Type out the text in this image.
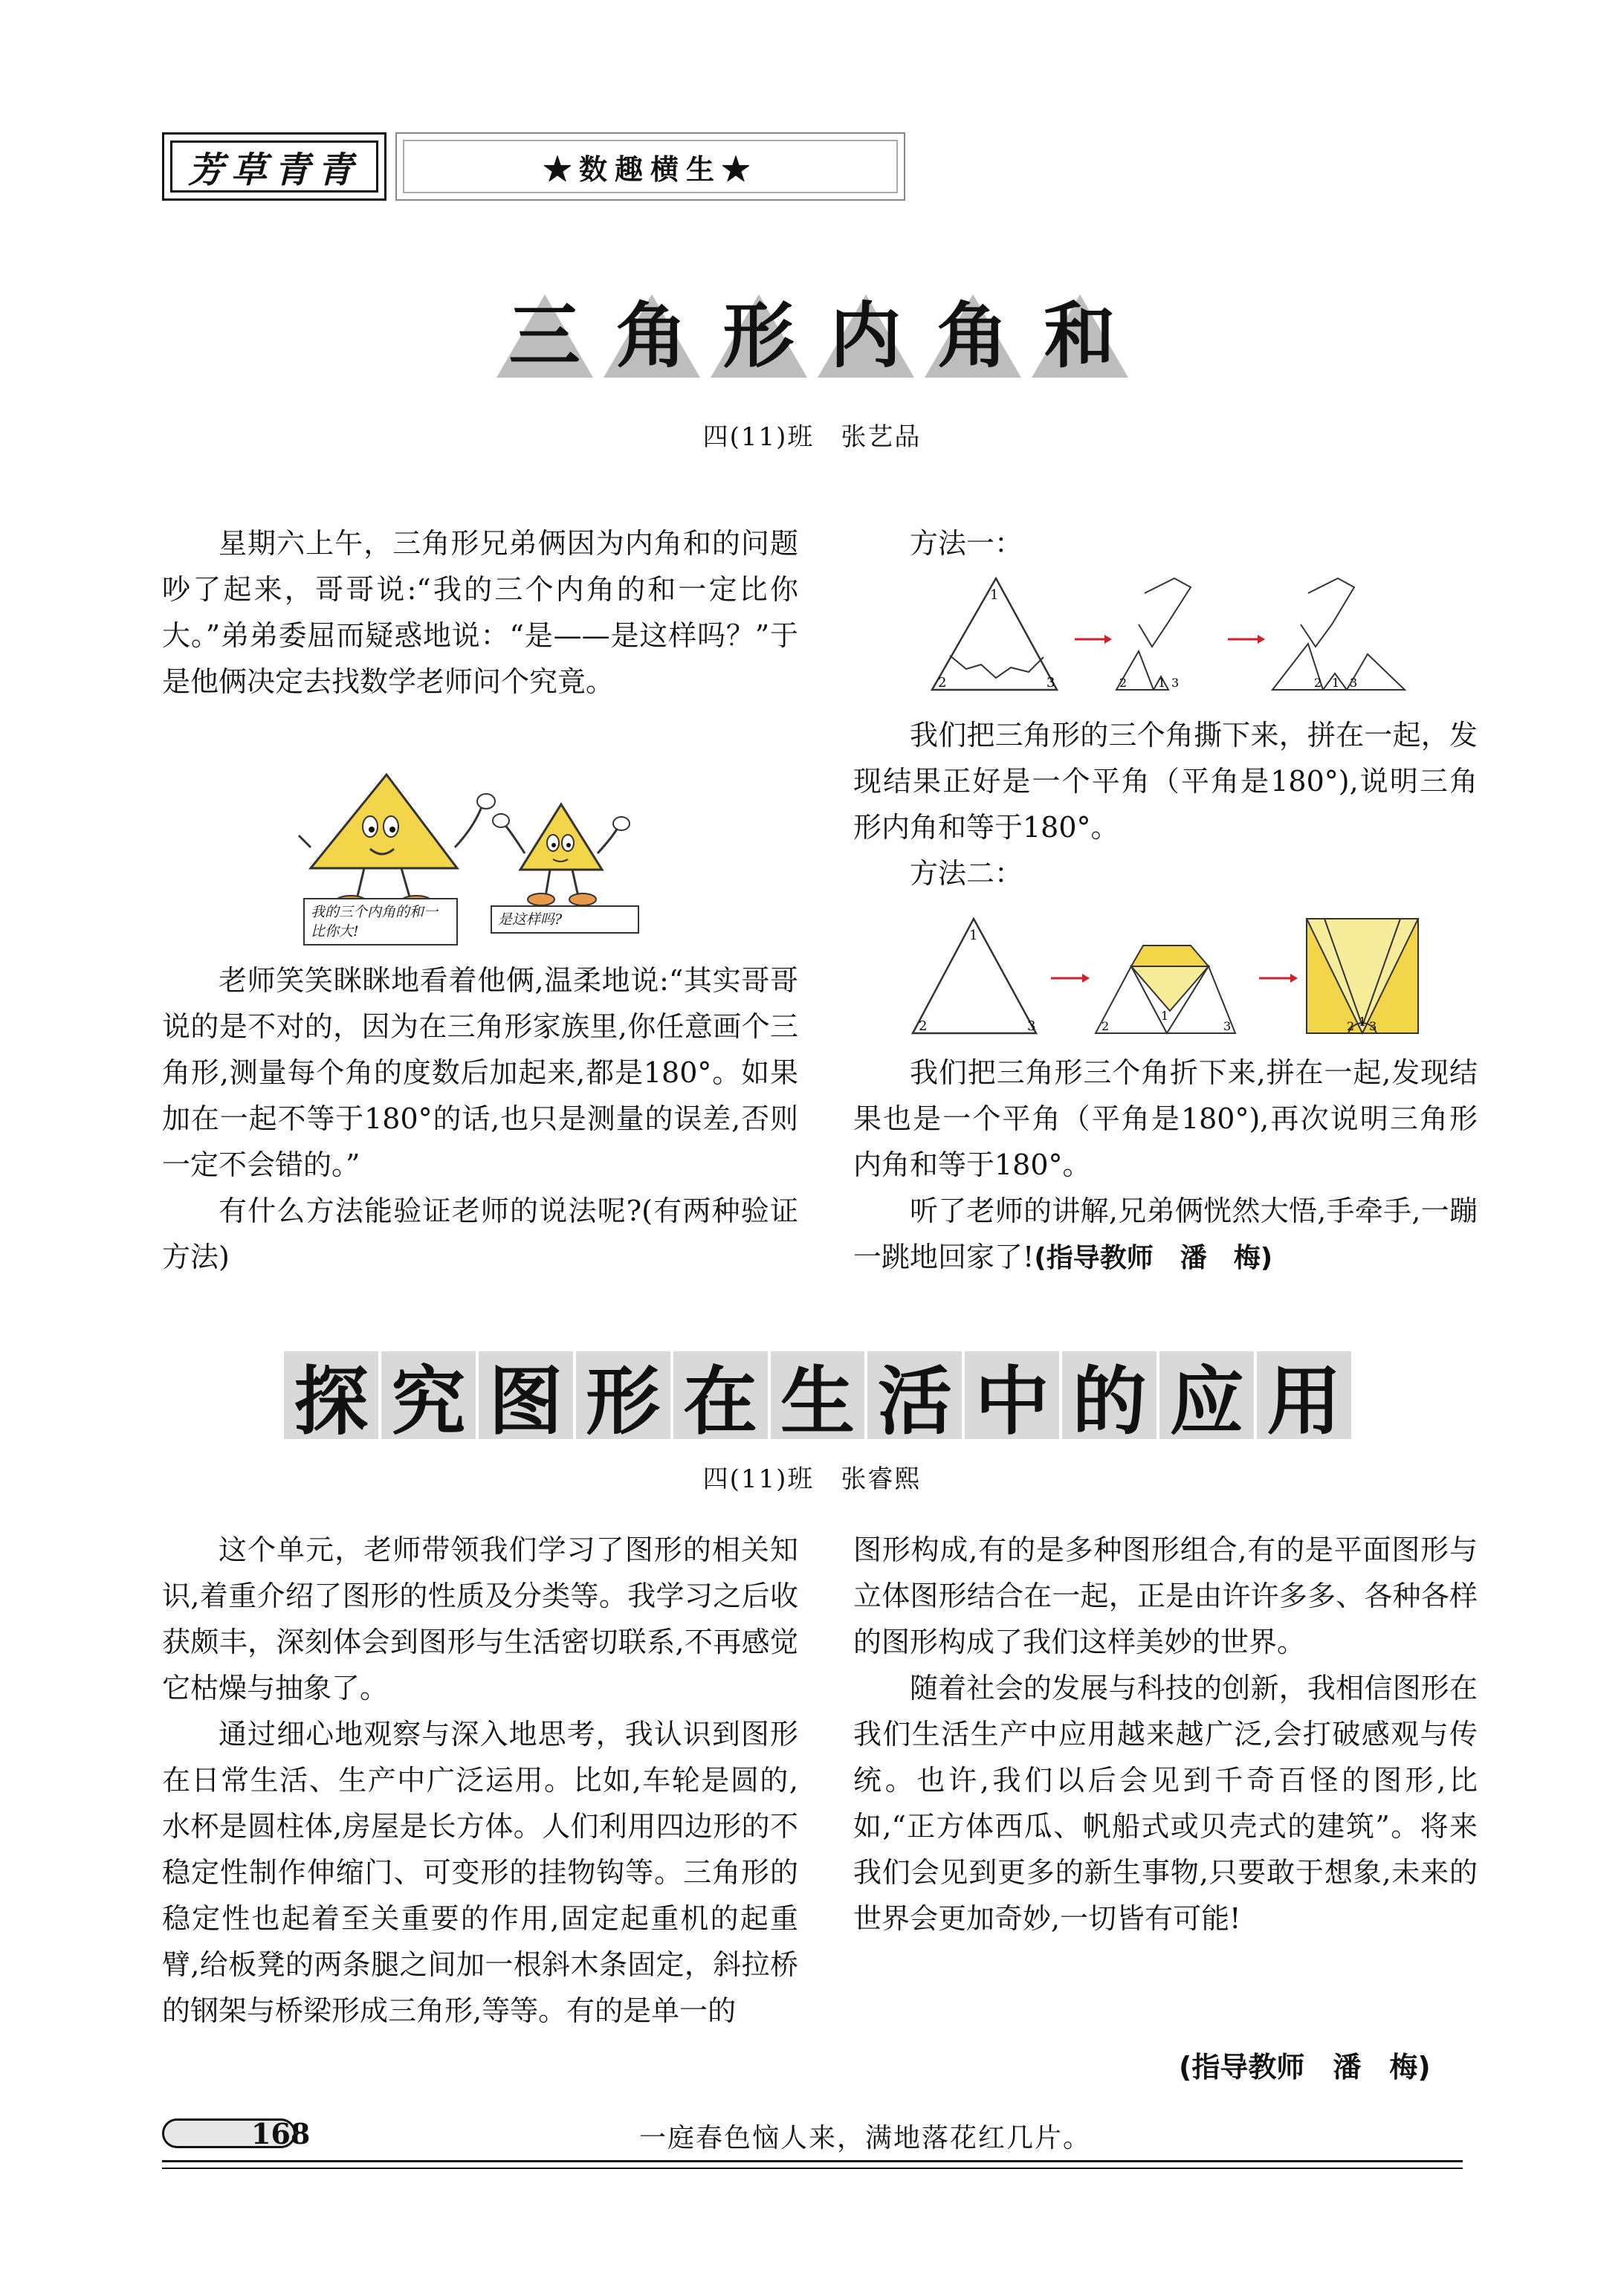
芳草青青	★数趣横生★
三 角 形 内 角 和
四(11)班　张艺品

星期六上午，三角形兄弟俩因为内角和的问题吵了起来，哥哥说:“我的三个内角的和一定比你大。”弟弟委屈而疑惑地说：“是——是这样吗？”于是他俩决定去找数学老师问个究竟。

我的三个内角的和一比你大!
是这样吗?

老师笑笑眯眯地看着他俩,温柔地说:“其实哥哥说的是不对的，因为在三角形家族里,你任意画个三角形,测量每个角的度数后加起来,都是180°。如果加在一起不等于180°的话,也只是测量的误差,否则一定不会错的。”

有什么方法能验证老师的说法呢?(有两种验证方法)

方法一：

1
2	3	2	1 3	2 1 3

我们把三角形的三个角撕下来，拼在一起，发现结果正好是一个平角（平角是180°),说明三角形内角和等于180°。

方法二：

1
2	3	2
1
3	2 1 3

我们把三角形三个角折下来,拼在一起,发现结果也是一个平角（平角是180°),再次说明三角形内角和等于180°。

听了老师的讲解,兄弟俩恍然大悟,手牵手,一蹦一跳地回家了!(指导教师　潘　梅)

探 究 图 形 在 生 活 中 的 应 用
四(11)班　张睿熙

这个单元，老师带领我们学习了图形的相关知识,着重介绍了图形的性质及分类等。我学习之后收获颇丰，深刻体会到图形与生活密切联系,不再感觉它枯燥与抽象了。

通过细心地观察与深入地思考，我认识到图形在日常生活、生产中广泛运用。比如,车轮是圆的,水杯是圆柱体,房屋是长方体。人们利用四边形的不稳定性制作伸缩门、可变形的挂物钩等。三角形的稳定性也起着至关重要的作用,固定起重机的起重臂,给板凳的两条腿之间加一根斜木条固定，斜拉桥的钢架与桥梁形成三角形,等等。有的是单一的

图形构成,有的是多种图形组合,有的是平面图形与立体图形结合在一起，正是由许许多多、各种各样的图形构成了我们这样美妙的世界。

随着社会的发展与科技的创新，我相信图形在我们生活生产中应用越来越广泛,会打破感观与传统。也许,我们以后会见到千奇百怪的图形,比如,“正方体西瓜、帆船式或贝壳式的建筑”。将来我们会见到更多的新生事物,只要敢于想象,未来的世界会更加奇妙,一切皆有可能!

(指导教师　潘　梅)
168	一庭春色恼人来，满地落花红几片。
